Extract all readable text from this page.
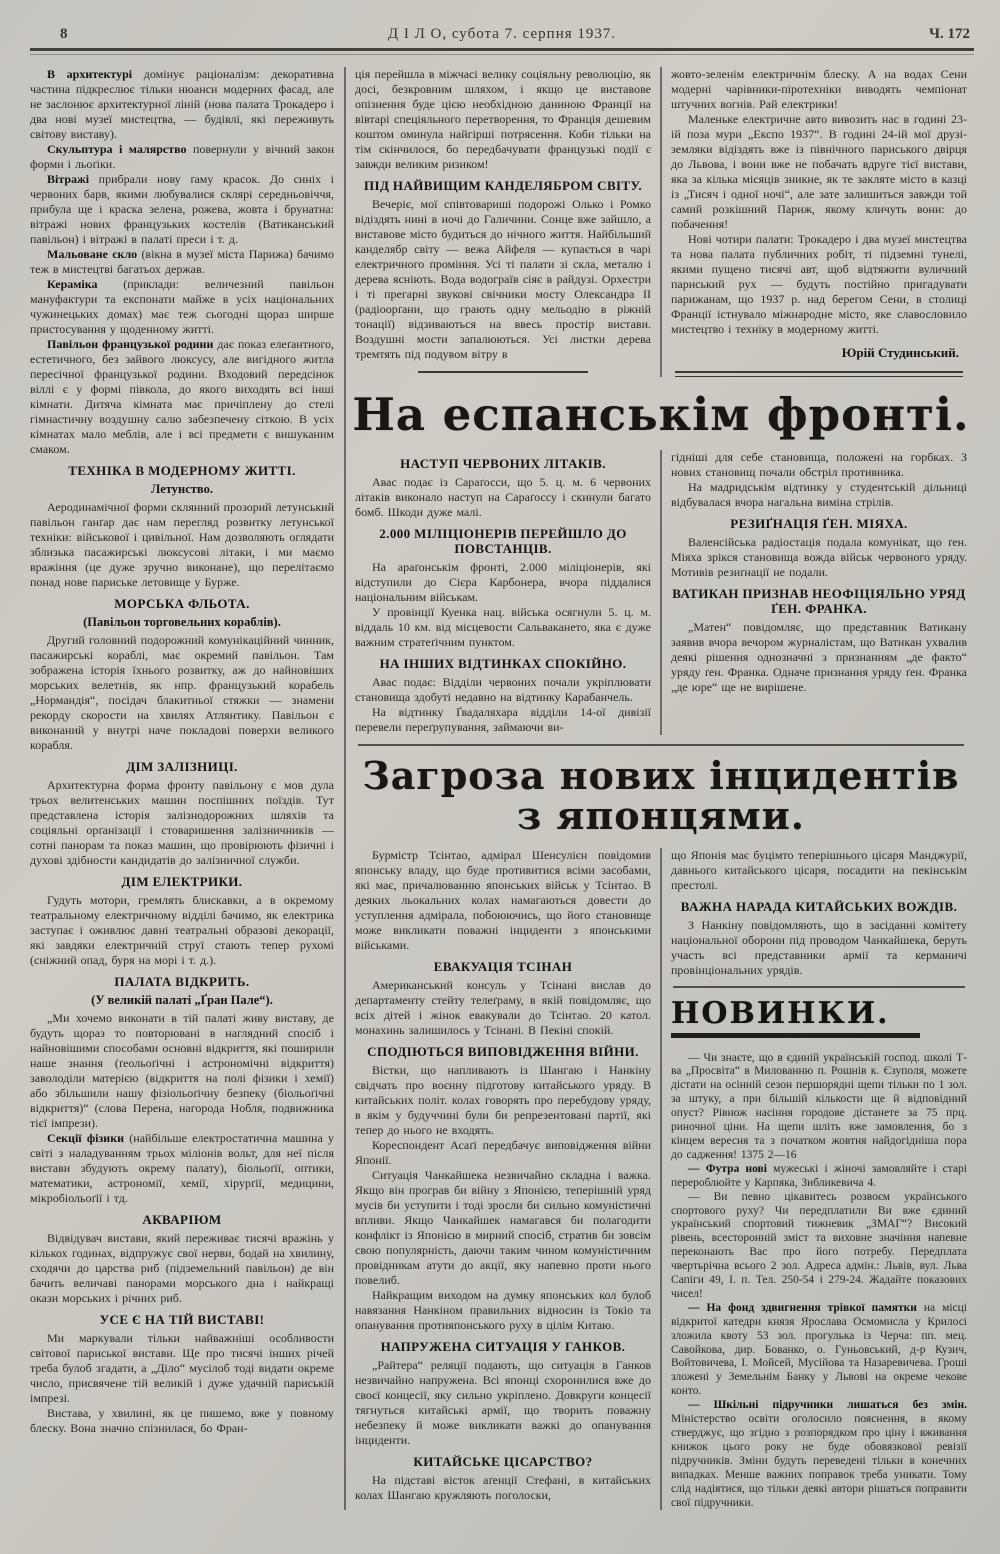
8	Д І Л О, субота 7. серпня 1937.	Ч. 172

В архитектурі домінує раціоналізм: декоративна частина підкреслює тільки нюанси модерних фасад, але не заслонює архитектурної ліній (нова палата Трокадеро і два нові музеї мистецтва, — будівлі, які переживуть світову виставу).

Скульптура і малярство повернули у вічний закон форми і льоґіки.

Вітражі прибрали нову ґаму красок. До синіх і червоних барв, якими любувалися склярі середньовіччя, прибула ще і краска зелена, рожева, жовта і брунатна: вітражі нових французьких костелів (Ватиканський павільон) і вітражі в палаті преси і т. д.

Мальоване скло (вікна в музеї міста Парижа) бачимо теж в мистецтві багатьох держав.

Кераміка (приклади: величезний павільон мануфактури та експонати майже в усіх національних чужинецьких домах) має теж сьогодні щораз ширше пристосування у щоденному житті.

Павільон французької родини дає показ елеґантного, естетичного, без зайвого люксусу, але вигідного житла пересічної французької родини. Входовий передсінок віллі є у формі півкола, до якого виходять всі інші кімнати. Дитяча кімната має причіплену до стелі гімнастичну воздушну салю забезпечену сіткою. В усіх кімнатах мало меблів, але і всі предмети є вишуканим смаком.

ТЕХНІКА В МОДЕРНОМУ ЖИТТІ.
Летунство.

Аеродинамічної форми склянний прозорий летунський павільон ганґар дає нам перегляд розвитку летунської техніки: військової і цивільної. Нам дозволяють оглядати зблизька пасажирські люксусові літаки, і ми маємо вражіння (це дуже зручно виконане), що перелітаємо понад нове париське летовище у Бурже.

МОРСЬКА ФЛЬОТА.
(Павільон торговельних кораблів).

Другий головний подорожний комунікаційний чинник, пасажирські кораблі, має окремий павільон. Там зображена історія їхнього розвитку, аж до найновіших морських велетнів, як нпр. французький корабель „Нормандія“, посідач блакитньої стяжки — знамени рекорду скорости на хвилях Атлянтику. Павільон є виконаний у внутрі наче покладові поверхи великого корабля.

ДІМ ЗАЛІЗНИЦІ.

Архитектурна форма фронту павільону є мов дула трьох велитенських машин поспішних поїздів. Тут представлена історія залізнодорожних шляхів та соціяльні орґанізації і стоваришення залізничників — сотні панорам та показ машин, що провірюють фізичні і духові здібности кандидатів до залізничної служби.

ДІМ ЕЛЕКТРИКИ.

Гудуть мотори, гремлять блискавки, а в окремому театральному електричному відділі бачимо, як електрика заступає і оживлює давні театральні образові декорації, які завдяки електричній струї стають тепер рухомі (сніжний опад, буря на морі і т. д.).

ПАЛАТА ВІДКРИТЬ.
(У великій палаті „Ґран Пале“).

„Ми хочемо виконати в тій палаті живу виставу, де будуть щораз то повторювані в наглядний спосіб і найновішими способами основні відкриття, які поширили наше знання (ґеольоґічні і астрономічні відкриття) заволоділи матерією (відкриття на полі фізики і хемії) або збільшили нашу фізіольоґічну безпеку (біольоґічні відкриття)“ (слова Перена, нагорода Нобля, подвижника тієї імпрези).

Секції фізики (найбільше електростатична машина у світі з наладуванням трьох міліонів вольт, для неї після вистави збудують окрему палату), біольоґії, оптики, математики, астрономії, хемії, хірурґії, медицини, мікробіольоґії і тд.

АКВАРІЮМ

Відвідувач вистави, який переживає тисячі вражінь у кількох годинах, відпружує свої нерви, бодай на хвилину, сходячи до царства риб (підземельний павільон) де він бачить величаві панорами морського дна і найкращі окази морських і річних риб.

УСЕ Є НА ТІЙ ВИСТАВІ!

Ми маркували тільки найважніші особливости світової париської вистави. Ще про тисячі інших річей треба булоб згадати, а „Діло“ мусілоб тоді видати окреме число, присвячене тій великій і дуже удачній париській імпрезі.

Вистава, у хвилині, як це пишемо, вже у повному блеску. Вона значно спізнилася, бо Фран-

ція перейшла в міжчасі велику соціяльну революцію, як досі, безкровним шляхом, і якщо це виставове опізнення буде цією необхідною даниною Франції на вівтарі спеціяльного перетворення, то Франція дешевим коштом оминула найгірші потрясення. Коби тільки на тім скінчилося, бо передбачувати французькі події є завжди великим ризиком!

ПІД НАЙВИЩИМ КАНДЕЛЯБРОМ СВІТУ.

Вечеріє, мої співтовариші подорожі Олько і Ромко відіздять нині в ночі до Галичини. Сонце вже зайшло, а виставове місто будиться до нічного життя. Найбільший канделябр світу — вежа Айфеля — купається в чарі електричного проміння. Усі ті палати зі скла, металю і дерева ясніють. Вода водограїв сіяє в райдузі. Орхестри і ті прегарні звукові свічники мосту Олександра ІІ (радіоорґани, що грають одну мельодію в ріжній тонації) відзиваються на ввесь простір вистави. Воздушні мости запалюються. Усі листки дерева тремтять під подувом вітру в

жовто-зеленім електричнім блеску. А на водах Сени модерні чарівники-піротехніки виводять чемпіонат штучних вогнів. Рай електрики!

Маленьке електричне авто вивозить нас в годині 23-ій поза мури „Експо 1937“. В годині 24-ій мої друзі-земляки відіздять вже із північного париського двірця до Львова, і вони вже не побачать вдруге тієї вистави, яка за кілька місяців зникне, як те закляте місто в казці із „Тисяч і одної ночі“, але зате залишиться завжди той самий розкішний Париж, якому кличуть вони: до побачення!

Нові чотири палати: Трокадеро і два музеї мистецтва та нова палата публичних робіт, ті підземні тунелі, якими пущено тисячі авт, щоб відтяжити вуличний париський рух — будуть постійно пригадувати парижанам, що 1937 р. над берегом Сени, в столиці Франції істнувало міжнародне місто, яке славословило мистецтво і техніку в модерному житті.

Юрій Студинський.
На еспанськім фронті.
НАСТУП ЧЕРВОНИХ ЛІТАКІВ.

Авас подає із Сараґосси, що 5. ц. м. 6 червоних літаків виконало наступ на Сараґоссу і скинули багато бомб. Шкоди дуже малі.

2.000 МІЛІЦІОНЕРІВ ПЕРЕЙШЛО ДО ПОВСТАНЦІВ.

На араґонськім фронті, 2.000 міліціонерів, які відступили до Сієра Карбонера, вчора піддалися національним військам.

У провінції Куенка нац. війська осягнули 5. ц. м. віддаль 10 км. від місцевости Сальвакането, яка є дуже важним стратеґічним пунктом.

НА ІНШИХ ВІДТИНКАХ СПОКІЙНО.

Авас подає: Відділи червоних почали укріплювати становища здобуті недавно на відтинку Карабанчель.

На відтинку Ґвадаляхара відділи 14-ої дивізії перевели переґрупування, займаючи ви-

гідніші для себе становища, положені на горбках. З нових становищ почали обстріл противника.

На мадридськім відтинку у студентській дільниці відбувалася вчора нагальна виміна стрілів.

РЕЗИҐНАЦІЯ ҐЕН. МІЯХА.

Валенсійська радіостація подала комунікат, що ґен. Міяха зрікся становища вожда військ червоного уряду. Мотивів резиґнації не подали.

ВАТИКАН ПРИЗНАВ НЕОФІЦІЯЛЬНО УРЯД ҐЕН. ФРАНКА.

„Матен“ повідомляє, що представник Ватикану заявив вчора вечором журналістам, що Ватикан ухвалив деякі рішення однозначні з признанням „де факто“ уряду ґен. Франка. Одначе признання уряду ґен. Франка „де юре“ ще не вирішене.

Загроза нових інцидентів з японцями.

Бурмістр Тсінтао, адмірал Шенсулієн повідомив японську владу, що буде противитися всіми засобами, які має, причалюванню японських військ у Тсінтао. В деяких льокальних колах намагаються довести до уступлення адмірала, побоюючись, що його становище може викликати поважні інциденти з японськими військами.

ЕВАКУАЦІЯ ТСІНАН

Американський консуль у Тсінані вислав до департаменту стейту телеґраму, в якій повідомляє, що всіх дітей і жінок евакували до Тсінтао. 20 катол. монахинь залишилось у Тсінані. В Пекіні спокій.

СПОДІЮТЬСЯ ВИПОВІДЖЕННЯ ВІЙНИ.

Вістки, що напливають із Шангаю і Нанкіну свідчать про воєнну підготову китайського уряду. В китайських політ. колах говорять про перебудову уряду, в якім у будуччині були би репрезентовані партії, які тепер до нього не входять.

Кореспондент Асаґі передбачує виповідження війни Японії.

Ситуація Чанкайшека незвичайно складна і важка. Якщо він програв би війну з Японією, теперішній уряд мусів би уступити і тоді зросли би сильно комуністичні впливи. Якщо Чанкайшек намагався би полагодити конфлікт із Японією в мирний спосіб, стратив би зовсім свою популярність, даючи таким чином комуністичним провідникам атути до акції, яку напевно проти нього повелиб.

Найкращим виходом на думку японських кол булоб навязання Нанкіном правильних відносин із Токіо та опанування протияпонського руху в цілім Китаю.

НАПРУЖЕНА СИТУАЦІЯ У ГАНКОВ.

„Райтера“ реляції подають, що ситуація в Ганков незвичайно напружена. Всі японці схоронилися вже до своєї концесії, яку сильно укріплено. Довкруги концесії тягнуться китайські армії, що творить поважну небезпеку й може викликати важкі до опанування інциденти.

КИТАЙСЬКЕ ЦІСАРСТВО?

На підставі вісток аґенції Стефані, в китайських колах Шангаю кружляють поголоски,

що Японія має буцімто теперішнього цісаря Манджурії, давнього китайського цісаря, посадити на пекінськім престолі.

ВАЖНА НАРАДА КИТАЙСЬКИХ ВОЖДІВ.

З Нанкіну повідомляють, що в засіданні комітету національної оборони під проводом Чанкайшека, беруть участь всі представники армії та керманичі провінціональних урядів.

НОВИНКИ.

— Чи знаєте, що в єдиній українській господ. школі Т-ва „Просвіта“ в Милованню п. Рошнів к. Єзуполя, можете дістати на осінній сезон першорядні щепи тільки по 1 зол. за штуку, а при більшій кількости ще й відповідний опуст? Рівнож насіння городове дістанете за 75 прц. риночної ціни. На щепи шліть вже замовлення, бо з кінцем вересня та з початком жовтня найдогідніша пора до садження! 1375 2—16

— Футра нові мужеські і жіночі замовляйте і старі перероблюйте у Карпяка, Зибликевича 4.

— Ви певно цікавитесь розвоєм українського спортового руху? Чи передплатили Ви вже єдиний український спортовий тижневик „ЗМАГ“? Високий рівень, всесторонній зміст та виховне значіння напевне переконають Вас про його потребу. Передплата чвертьрічна всього 2 зол. Адреса адмін.: Львів, вул. Льва Сапіги 49, І. п. Тел. 250-54 і 279-24. Жадайте показових чисел!

— На фонд здвигнення трівкої памятки на місці відкритої катедри князя Ярослава Осмомисла у Крилосі зложила квоту 53 зол. прогулька із Черча: пп. мец. Савойкова, дир. Бованко, о. Гуньовський, д-р Кузич, Войтовичева, І. Мойсей, Мусійова та Назаревичева. Гроші зложені у Земельнім Банку у Львові на окреме чекове конто.

— Шкільні підручники лишаться без змін. Міністерство освіти оголосило пояснення, в якому стверджує, що згідно з розпорядком про ціну і вживання книжок цього року не буде обовязкової ревізії підручників. Зміни будуть переведені тільки в конечних випадках. Менше важних поправок треба уникати. Тому слід надіятися, що тільки деякі автори рішаться поправити свої підручники.
